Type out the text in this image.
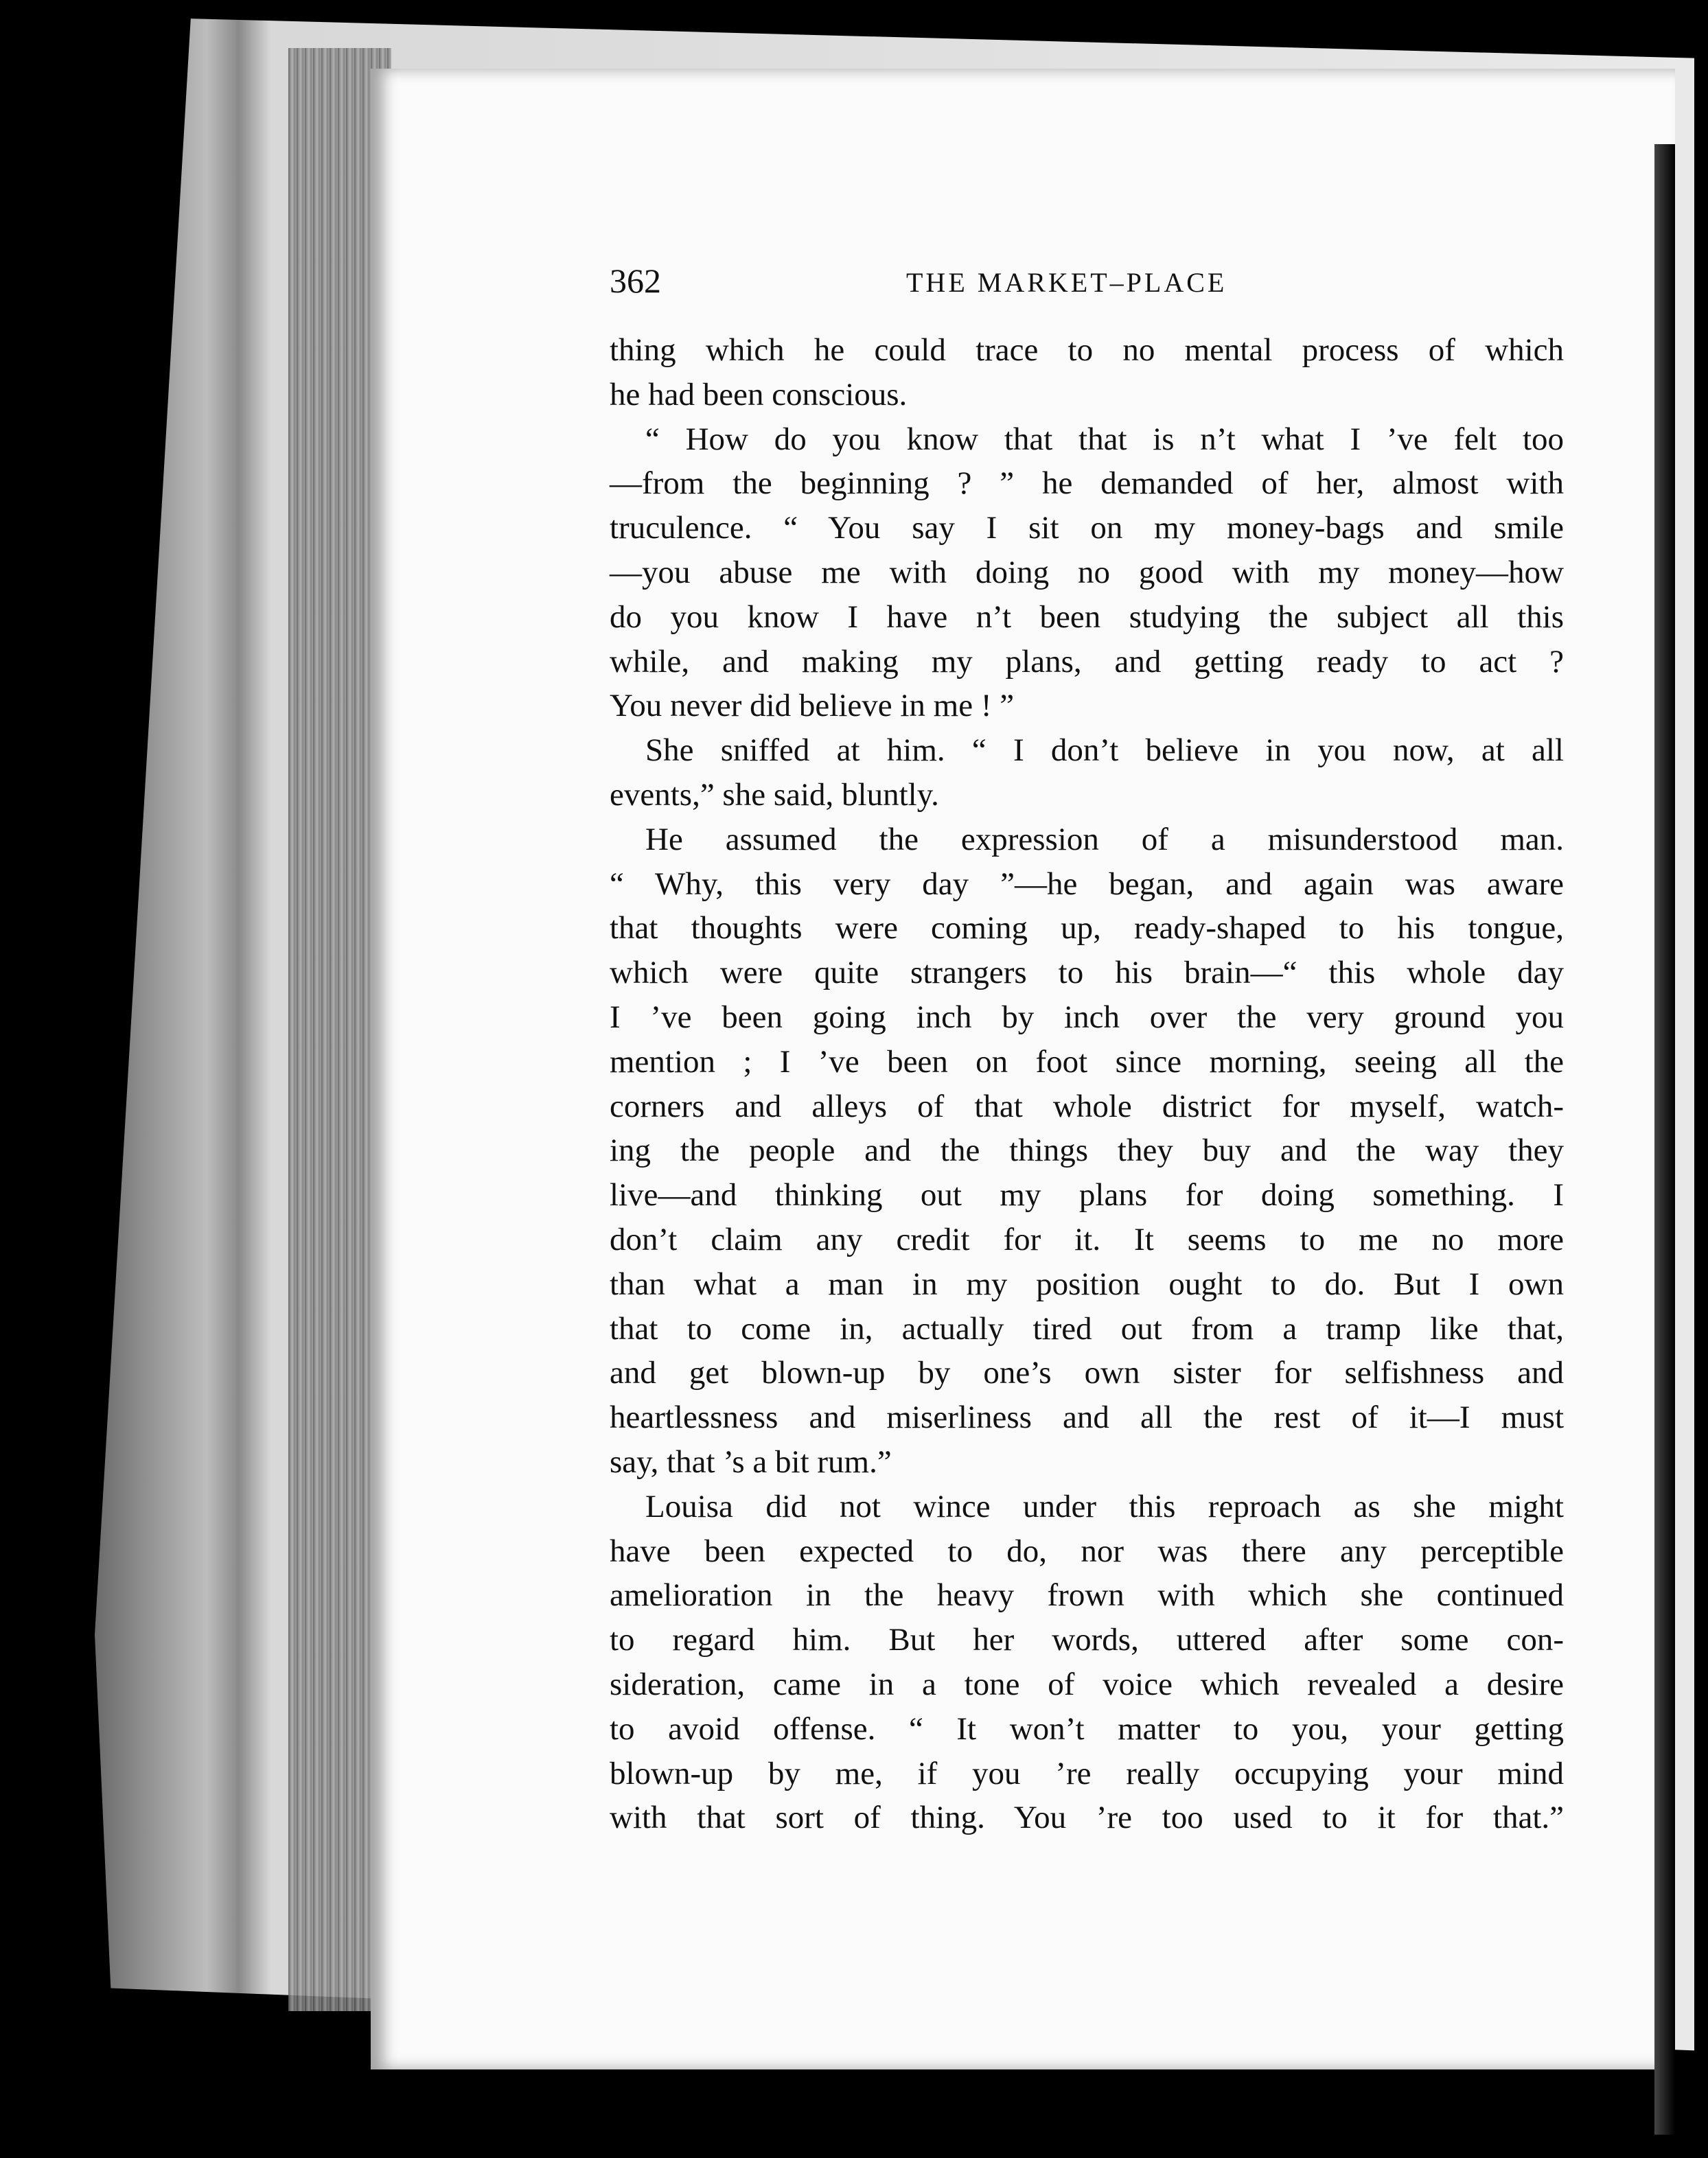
362	THE MARKET–PLACE
thing which he could trace to no mental process of which
he had been conscious.
“ How do you know that that is n’t what I ’ve felt too
—from the beginning ? ” he demanded of her, almost with
truculence. “ You say I sit on my money-bags and smile
—you abuse me with doing no good with my money—how
do you know I have n’t been studying the subject all this
while, and making my plans, and getting ready to act ?
You never did believe in me ! ”
She sniffed at him. “ I don’t believe in you now, at all
events,” she said, bluntly.
He assumed the expression of a misunderstood man.
“ Why, this very day ”—he began, and again was aware
that thoughts were coming up, ready-shaped to his tongue,
which were quite strangers to his brain—“ this whole day
I ’ve been going inch by inch over the very ground you
mention ; I ’ve been on foot since morning, seeing all the
corners and alleys of that whole district for myself, watch-
ing the people and the things they buy and the way they
live—and thinking out my plans for doing something. I
don’t claim any credit for it. It seems to me no more
than what a man in my position ought to do. But I own
that to come in, actually tired out from a tramp like that,
and get blown-up by one’s own sister for selfishness and
heartlessness and miserliness and all the rest of it—I must
say, that ’s a bit rum.”
Louisa did not wince under this reproach as she might
have been expected to do, nor was there any perceptible
amelioration in the heavy frown with which she continued
to regard him. But her words, uttered after some con-
sideration, came in a tone of voice which revealed a desire
to avoid offense. “ It won’t matter to you, your getting
blown-up by me, if you ’re really occupying your mind
with that sort of thing. You ’re too used to it for that.”
